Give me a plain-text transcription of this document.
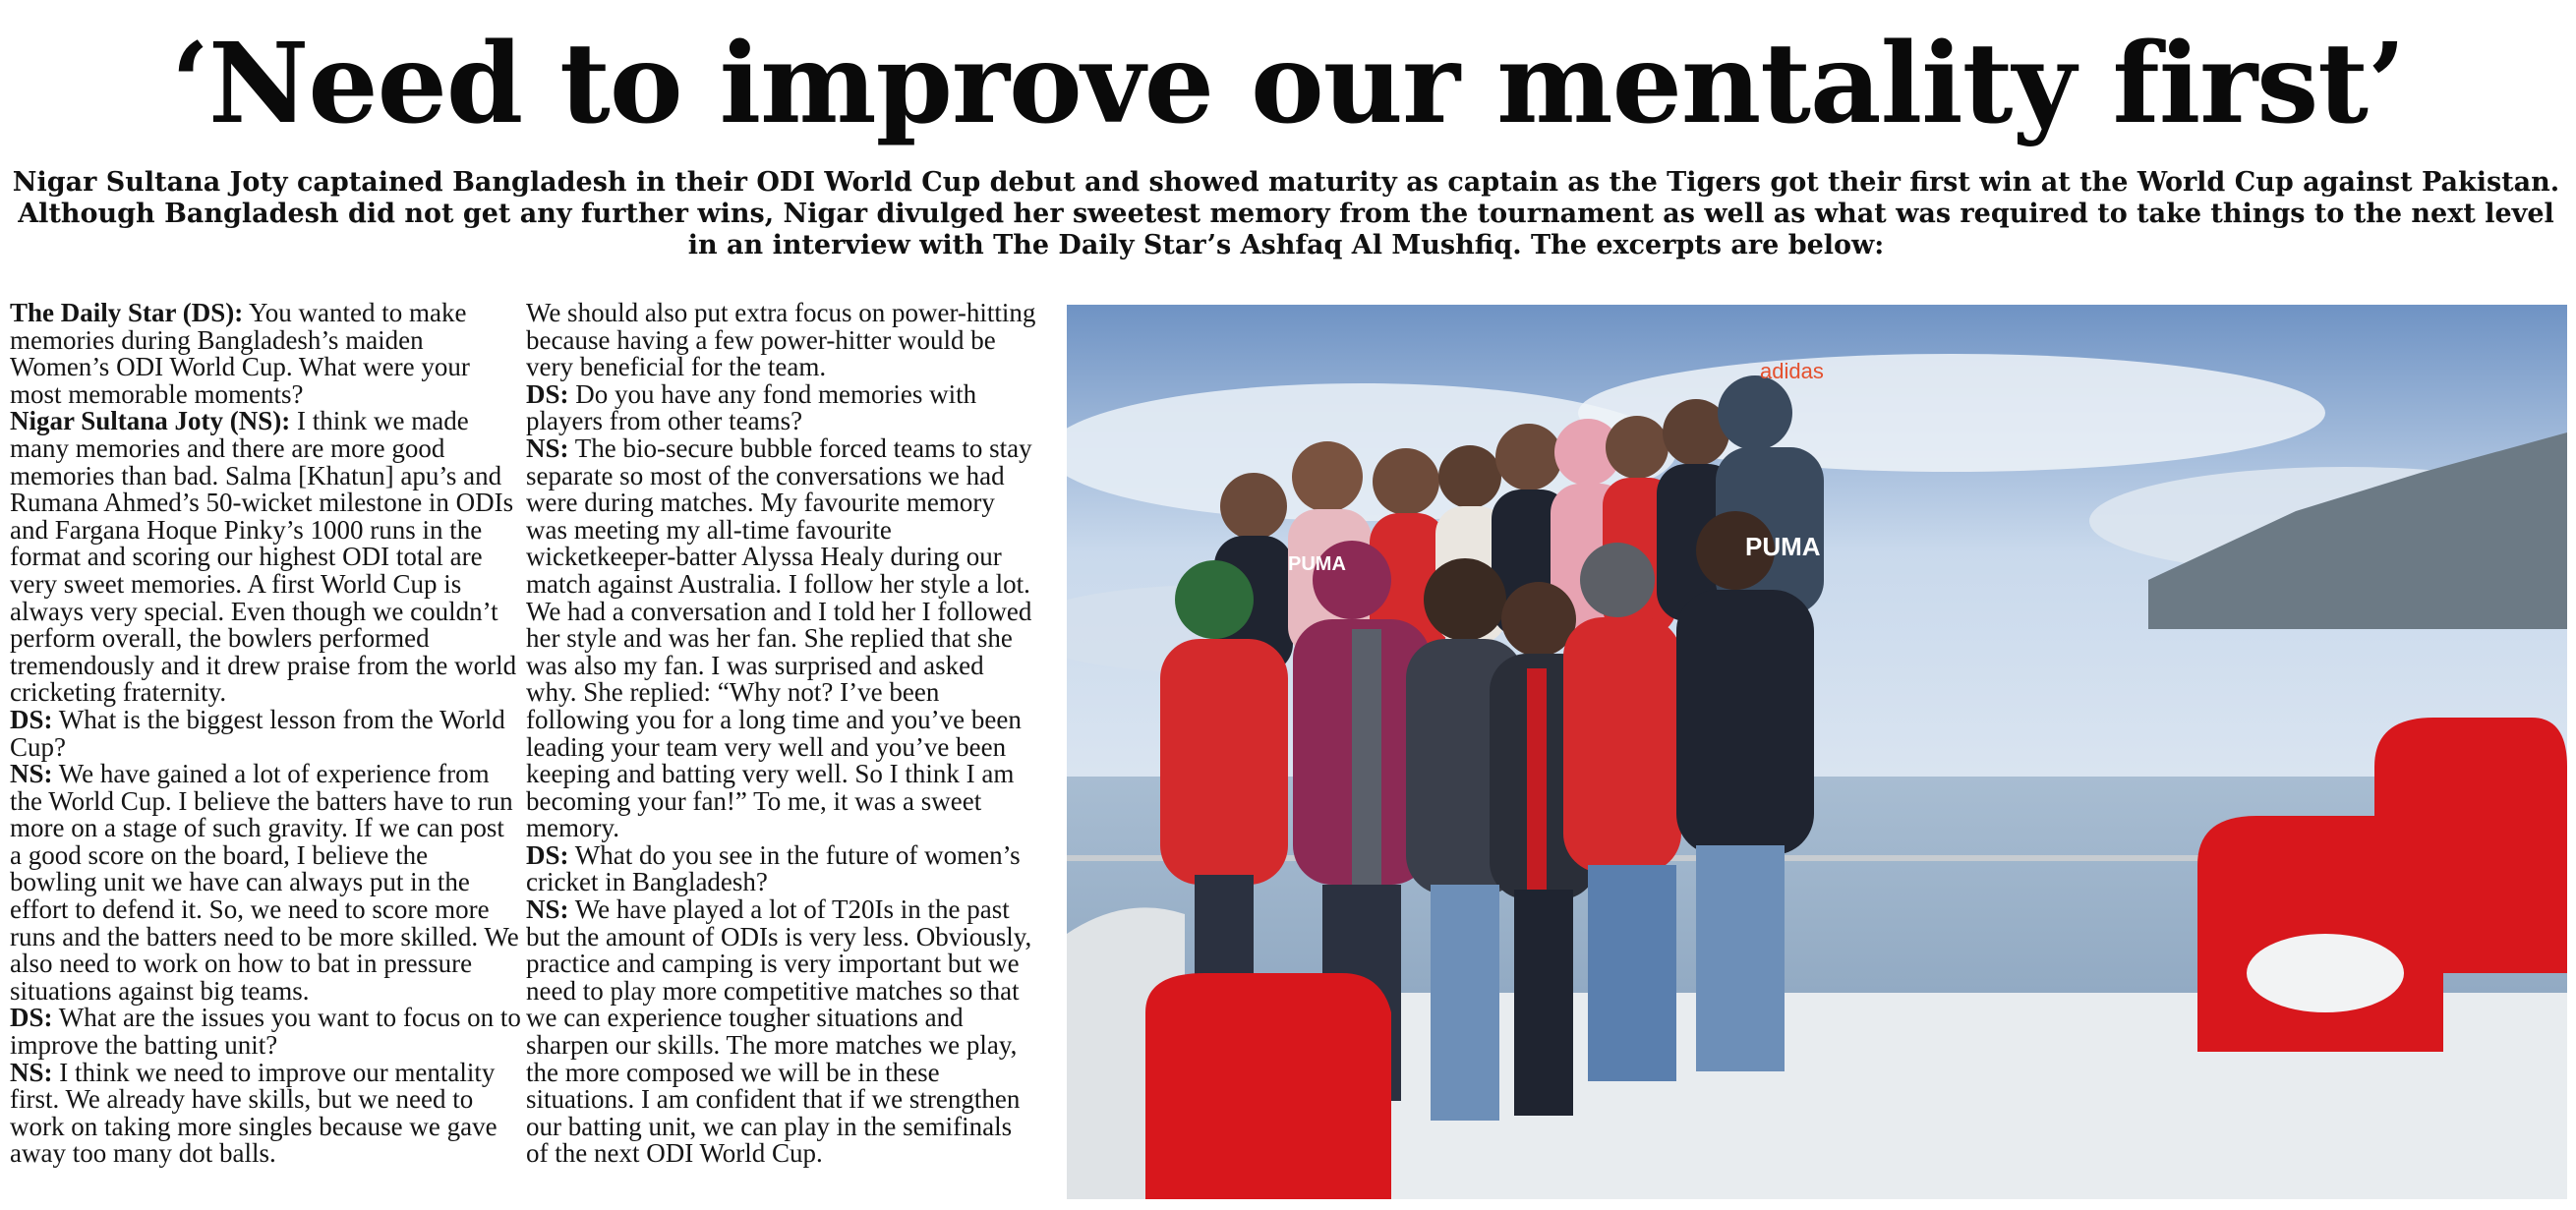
‘Need to improve our mentality first’
Nigar Sultana Joty captained Bangladesh in their ODI World Cup debut and showed maturity as captain as the Tigers got their first win at the World Cup against Pakistan. Although Bangladesh did not get any further wins, Nigar divulged her sweetest memory from the tournament as well as what was required to take things to the next level in an interview with The Daily Star’s Ashfaq Al Mushfiq. The excerpts are below:

The Daily Star (DS): You wanted to make memories during Bangladesh’s maiden Women’s ODI World Cup. What were your most memorable moments?

Nigar Sultana Joty (NS): I think we made many memories and there are more good memories than bad. Salma [Khatun] apu’s and Rumana Ahmed’s 50-wicket milestone in ODIs and Fargana Hoque Pinky’s 1000 runs in the format and scoring our highest ODI total are very sweet memories. A first World Cup is always very special. Even though we couldn’t perform overall, the bowlers performed tremendously and it drew praise from the world cricketing fraternity.

DS: What is the biggest lesson from the World Cup?

NS: We have gained a lot of experience from the World Cup. I believe the batters have to run more on a stage of such gravity. If we can post a good score on the board, I believe the bowling unit we have can always put in the effort to defend it. So, we need to score more runs and the batters need to be more skilled. We also need to work on how to bat in pressure situations against big teams.

DS: What are the issues you want to focus on to improve the batting unit?

NS: I think we need to improve our mentality first. We already have skills, but we need to work on taking more singles because we gave away too many dot balls.

We should also put extra focus on power-hitting because having a few power-hitter would be very beneficial for the team.

DS: Do you have any fond memories with players from other teams?

NS: The bio-secure bubble forced teams to stay separate so most of the conversations we had were during matches. My favourite memory was meeting my all-time favourite wicketkeeper-batter Alyssa Healy during our match against Australia. I follow her style a lot. We had a conversation and I told her I followed her style and was her fan. She replied that she was also my fan. I was surprised and asked why. She replied: “Why not? I’ve been following you for a long time and you’ve been leading your team very well and you’ve been keeping and batting very well. So I think I am becoming your fan!” To me, it was a sweet memory.

DS: What do you see in the future of women’s cricket in Bangladesh?

NS: We have played a lot of T20Is in the past but the amount of ODIs is very less. Obviously, practice and camping is very important but we need to play more competitive matches so that we can experience tougher situations and sharpen our skills. The more matches we play, the more composed we will be in these situations. I am confident that if we strengthen our batting unit, we can play in the semifinals of the next ODI World Cup.

PUMA
PUMA
adidas
